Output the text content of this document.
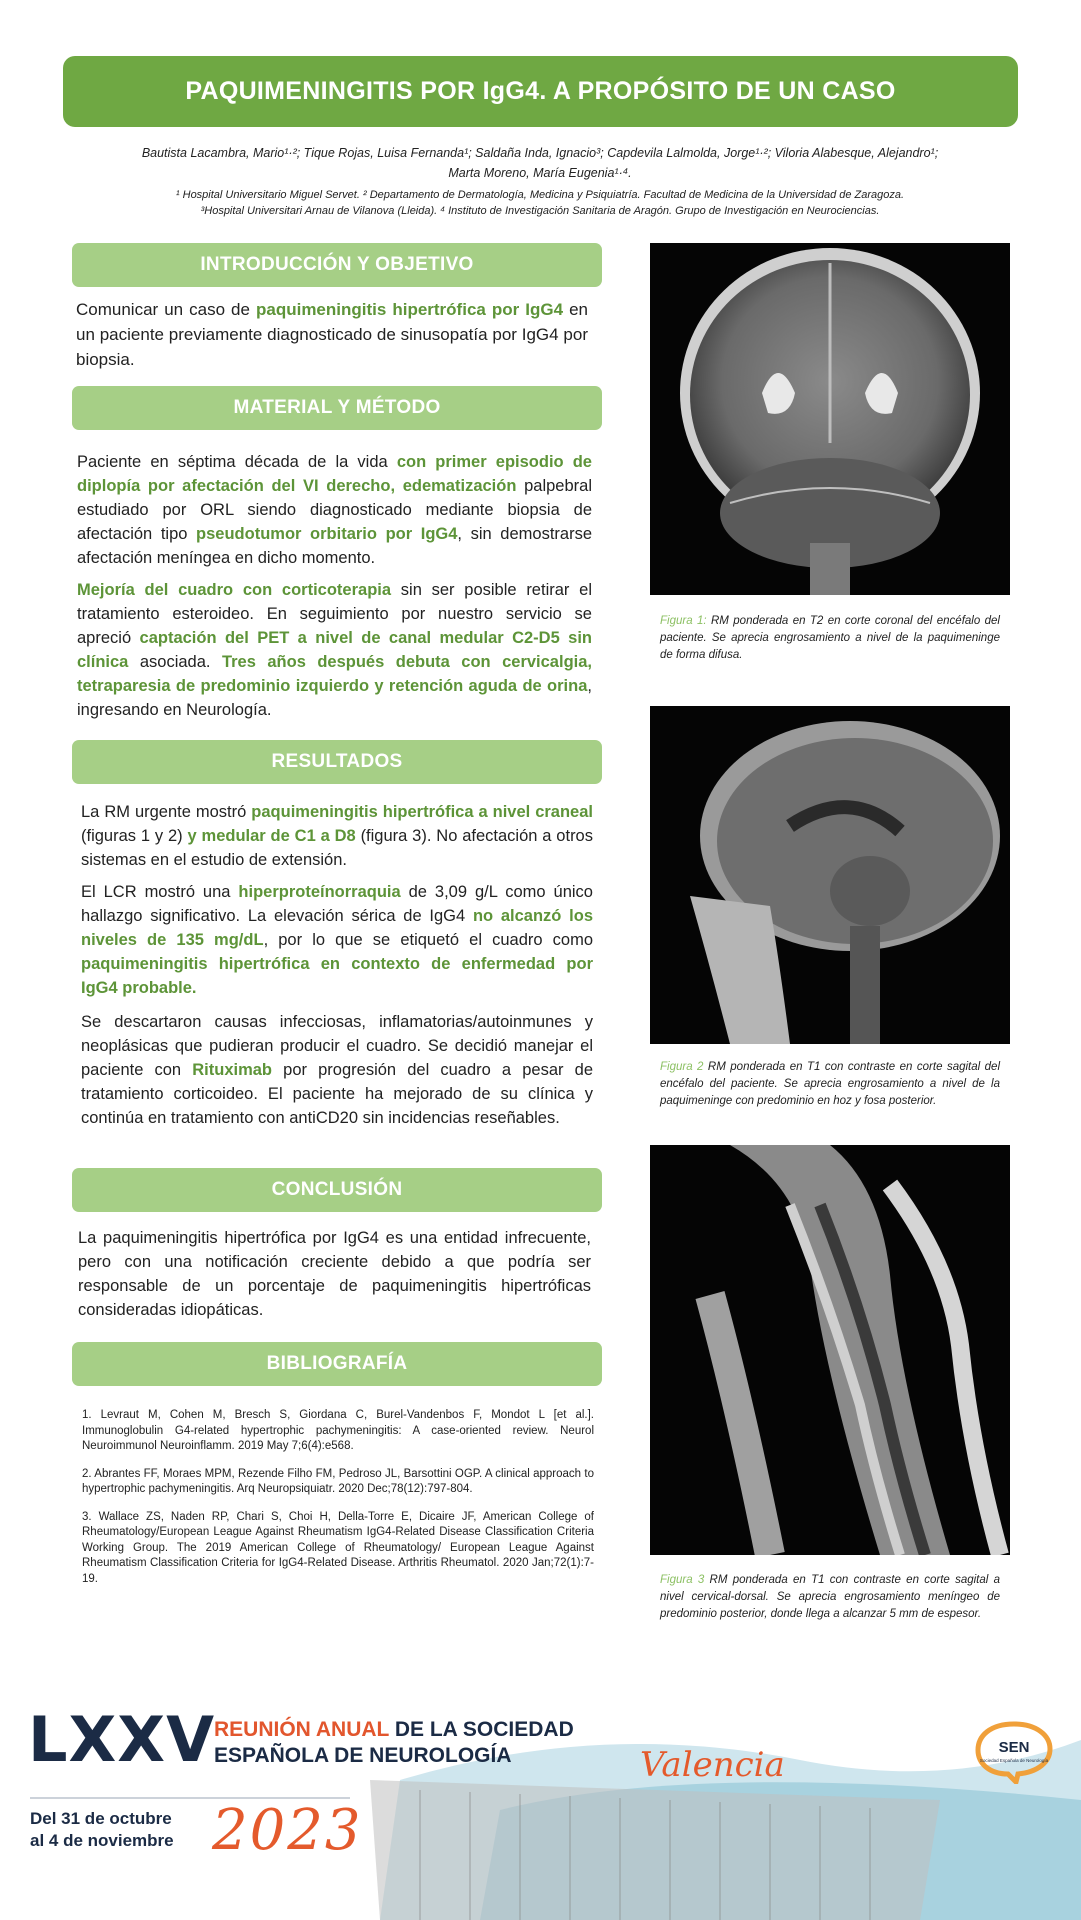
PAQUIMENINGITIS POR IgG4. A PROPÓSITO DE UN CASO
Bautista Lacambra, Mario¹·²; Tique Rojas, Luisa Fernanda¹; Saldaña Inda, Ignacio³; Capdevila Lalmolda, Jorge¹·²; Viloria Alabesque, Alejandro¹;
Marta Moreno, María Eugenia¹·⁴.
¹ Hospital Universitario Miguel Servet. ² Departamento de Dermatología, Medicina y Psiquiatría. Facultad de Medicina de la Universidad de Zaragoza.
³Hospital Universitari Arnau de Vilanova (Lleida). ⁴ Instituto de Investigación Sanitaria de Aragón. Grupo de Investigación en Neurociencias.
INTRODUCCIÓN Y OBJETIVO

Comunicar un caso de paquimeningitis hipertrófica por IgG4 en un paciente previamente diagnosticado de sinusopatía por IgG4 por biopsia.

MATERIAL Y MÉTODO

Paciente en séptima década de la vida con primer episodio de diplopía por afectación del VI derecho, edematización palpebral estudiado por ORL siendo diagnosticado mediante biopsia de afectación tipo pseudotumor orbitario por IgG4, sin demostrarse afectación meníngea en dicho momento.

Mejoría del cuadro con corticoterapia sin ser posible retirar el tratamiento esteroideo. En seguimiento por nuestro servicio se apreció captación del PET a nivel de canal medular C2-D5 sin clínica asociada. Tres años después debuta con cervicalgia, tetraparesia de predominio izquierdo y retención aguda de orina, ingresando en Neurología.

RESULTADOS

La RM urgente mostró paquimeningitis hipertrófica a nivel craneal (figuras 1 y 2) y medular de C1 a D8 (figura 3). No afectación a otros sistemas en el estudio de extensión.

El LCR mostró una hiperproteínorraquia de 3,09 g/L como único hallazgo significativo. La elevación sérica de IgG4 no alcanzó los niveles de 135 mg/dL, por lo que se etiquetó el cuadro como paquimeningitis hipertrófica en contexto de enfermedad por IgG4 probable.

Se descartaron causas infecciosas, inflamatorias/autoinmunes y neoplásicas que pudieran producir el cuadro. Se decidió manejar el paciente con Rituximab por progresión del cuadro a pesar de tratamiento corticoideo. El paciente ha mejorado de su clínica y continúa en tratamiento con antiCD20 sin incidencias reseñables.

CONCLUSIÓN

La paquimeningitis hipertrófica por IgG4 es una entidad infrecuente, pero con una notificación creciente debido a que podría ser responsable de un porcentaje de paquimeningitis hipertróficas consideradas idiopáticas.

BIBLIOGRAFÍA

1. Levraut M, Cohen M, Bresch S, Giordana C, Burel-Vandenbos F, Mondot L [et al.]. Immunoglobulin G4-related hypertrophic pachymeningitis: A case-oriented review. Neurol Neuroimmunol Neuroinflamm. 2019 May 7;6(4):e568.

2. Abrantes FF, Moraes MPM, Rezende Filho FM, Pedroso JL, Barsottini OGP. A clinical approach to hypertrophic pachymeningitis. Arq Neuropsiquiatr. 2020 Dec;78(12):797-804.

3. Wallace ZS, Naden RP, Chari S, Choi H, Della-Torre E, Dicaire JF, American College of Rheumatology/European League Against Rheumatism IgG4-Related Disease Classification Criteria Working Group. The 2019 American College of Rheumatology/ European League Against Rheumatism Classification Criteria for IgG4-Related Disease. Arthritis Rheumatol. 2020 Jan;72(1):7-19.

Figura 1: RM ponderada en T2 en corte coronal del encéfalo del paciente. Se aprecia engrosamiento a nivel de la paquimeninge de forma difusa.
Figura 2 RM ponderada en T1 con contraste en corte sagital del encéfalo del paciente. Se aprecia engrosamiento a nivel de la paquimeninge con predominio en hoz y fosa posterior.
Figura 3 RM ponderada en T1 con contraste en corte sagital a nivel cervical-dorsal. Se aprecia engrosamiento meníngeo de predominio posterior, donde llega a alcanzar 5 mm de espesor.
LXXV
REUNIÓN ANUAL DE LA SOCIEDAD
ESPAÑOLA DE NEUROLOGÍA
Del 31 de octubre
al 4 de noviembre 2023
Valencia	SEN
Sociedad Española de Neurología
